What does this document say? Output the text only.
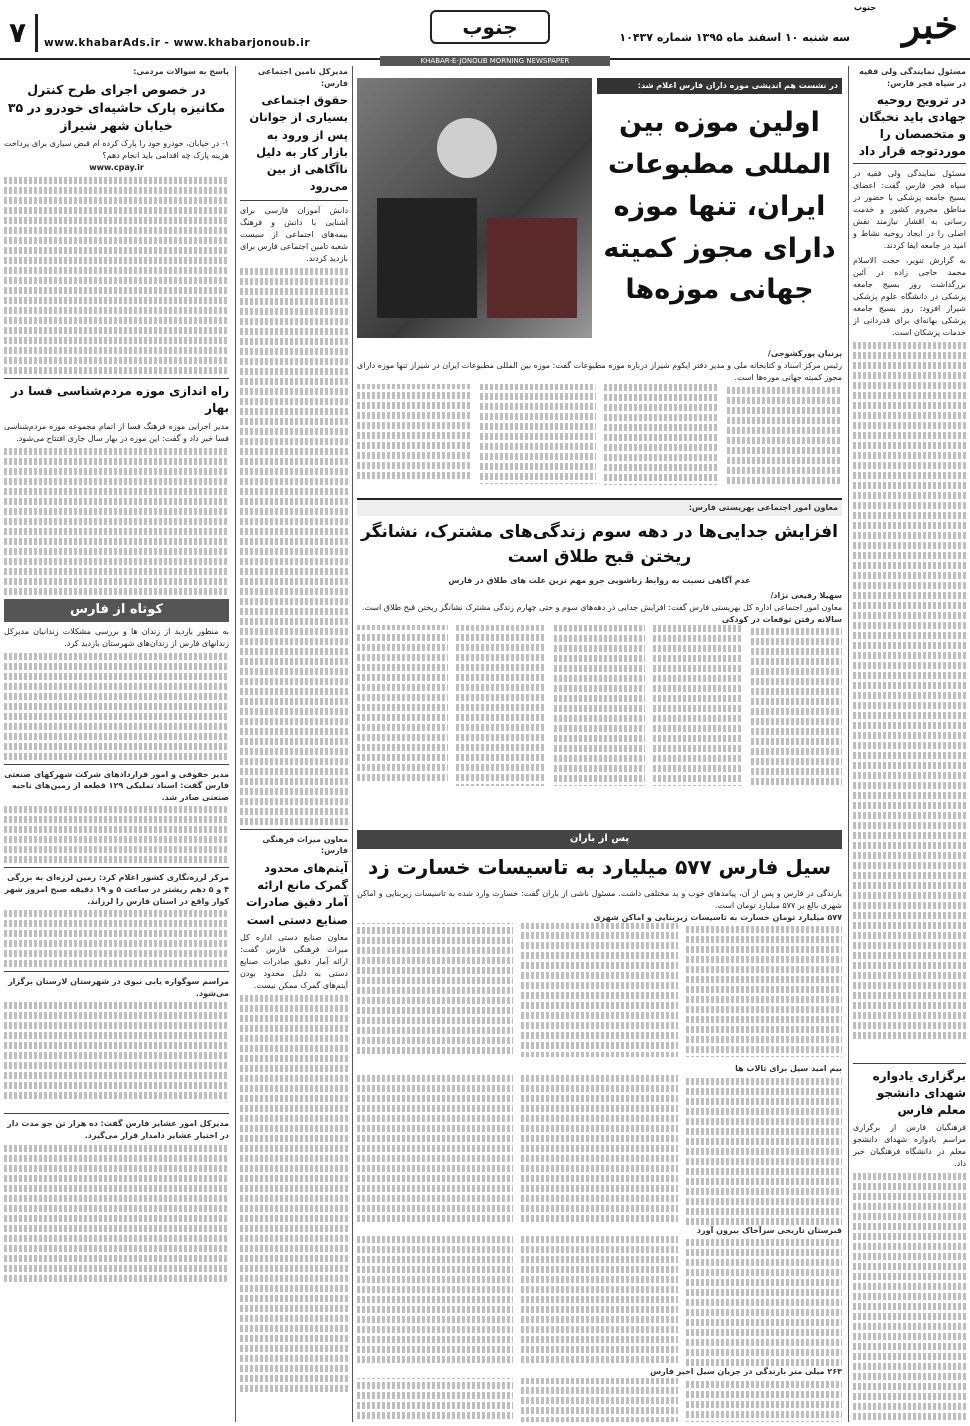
خبر
جنوب
سه شنبه ۱۰ اسفند ماه ۱۳۹۵ شماره ۱۰۴۳۷
جنوب
www.khabarAds.ir - www.khabarjonoub.ir
۷
KHABAR-E-JONOUB MORNING NEWSPAPER
مسئول نمایندگی ولی فقیه در سپاه فجر فارس:
در ترویج روحیه جهادی باید نخبگان و متخصصان را موردتوجه قرار داد
مسئول نمایندگی ولی فقیه در سپاه فجر فارس گفت: اعضای بسیج جامعه پزشکی با حضور در مناطق محروم کشور و خدمت رسانی به اقشار نیازمند نقش اصلی را در ایجاد روحیه نشاط و امید در جامعه ایفا کردند.
به گزارش تنویر، حجت الاسلام محمد حاجی زاده در آئین بزرگداشت روز بسیج جامعه پزشکی در دانشگاه علوم پزشکی شیراز افزود: روز بسیج جامعه پزشکی بهانه‌ای برای قدردانی از خدمات پزشکان است.
برگزاری یادواره شهدای دانشجو معلم فارس
فرهنگیان فارس از برگزاری مراسم یادواره شهدای دانشجو معلم در دانشگاه فرهنگیان خبر داد.
در نشست هم اندیشی موزه داران فارس اعلام شد:
اولین موزه بین المللی مطبوعات ایران، تنها موزه دارای مجوز کمیته جهانی موزه‌ها
پرنیان پورکشوجی/
رئیس مرکز اسناد و کتابخانه ملی و مدیر دفتر ایکوم شیراز درباره موزه مطبوعات گفت: موزه بین المللی مطبوعات ایران در شیراز تنها موزه دارای مجوز کمیته جهانی موزه‌ها است.
معاون امور اجتماعی بهزیستی فارس:
افزایش جدایی‌ها در دهه سوم زندگی‌های مشترک، نشانگر ریختن قبح طلاق است
عدم آگاهی نسبت به روابط زناشویی جزو مهم ترین علت های طلاق در فارس
سهیلا رفیعی نژاد/
معاون امور اجتماعی اداره کل بهزیستی فارس گفت: افزایش جدایی در دهه‌های سوم و حتی چهارم زندگی مشترک نشانگر ریختن قبح طلاق است.
سالانه رفتن توقعات در کودکی
پس از باران
سیل فارس ۵۷۷ میلیارد به تاسیسات خسارت زد
بارندگی در فارس و پس از آن، پیامدهای خوب و بد مختلفی داشت. مسئول ناشی از باران گفت: خسارت وارد شده به تاسیسات زیربنایی و اماکن شهری بالغ بر ۵۷۷ میلیارد تومان است.
۵۷۷ میلیارد تومان خسارت به تاسیسات زیربنایی و اماکن شهری
بیم امید سیل برای تالاب ها
قبرستان تاریخی سرآخاک بیرون آورد
۲۶۳ میلی متر بارندگی در جریان سیل اخیر فارس
مدیرکل تامین اجتماعی فارس:
حقوق اجتماعی بسیاری از جوانان پس از ورود به بازار کار به دلیل ناآگاهی از بین می‌رود
دانش آموزان فارسی برای آشنایی با دانش و فرهنگ بیمه‌های اجتماعی از سیست شعبه تامین اجتماعی فارس برای بازدید کردند.
معاون میراث فرهنگی فارس:
آیتم‌های محدود گمرک مانع ارائه آمار دقیق صادرات صنایع دستی است
معاون صنایع دستی اداره کل میراث فرهنگی فارس گفت: ارائه آمار دقیق صادرات صنایع دستی به دلیل محدود بودن آیتم‌های گمرک ممکن نیست.
پاسخ به سوالات مردمی:
در خصوص اجرای طرح کنترل مکانیزه پارک حاشیه‌ای خودرو در ۳۵ خیابان شهر شیراز
۱- در خیابان، خودرو خود را پارک کرده ام قبض سیاری برای پرداخت هزینه پارک چه اقدامی باید انجام دهم؟
www.cpay.ir
راه اندازی موزه مردم‌شناسی فسا در بهار
مدیر اجرایی موزه فرهنگ فسا از اتمام مجموعه موزه مردم‌شناسی فسا خبر داد و گفت: این موزه در بهار سال جاری افتتاح می‌شود.
کوتاه از فارس
به منظور بازدید از زندان ها و بررسی مشکلات زندانیان مدیرکل زندانهای فارس از زندان‌های شهرستان بازدید کرد.
مدیر حقوقی و امور قراردادهای شرکت شهرکهای صنعتی فارس گفت: اسناد تملیکی ۱۲۹ قطعه از زمین‌های ناحیه صنعتی صادر شد.
مرکز لرزه‌نگاری کشور اعلام کرد: زمین لرزه‌ای به بزرگی ۴ و ۵ دهم ریشتر در ساعت ۵ و ۱۹ دقیقه صبح امروز شهر کوار واقع در استان فارس را لرزاند.
مراسم سوگواره یابی نبوی در شهرستان لارستان برگزار می‌شود.
مدیرکل امور عشایر فارس گفت: ده هزار تن جو مدت دار در اختیار عشایر دامدار قرار می‌گیرد.
